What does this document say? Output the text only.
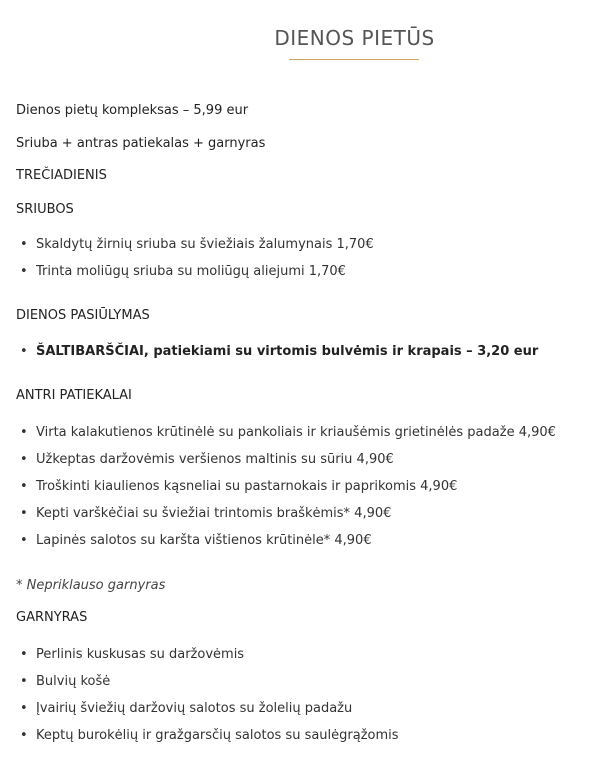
DIENOS PIETŪS
Dienos pietų kompleksas – 5,99 eur
Sriuba + antras patiekalas + garnyras
TREČIADIENIS
SRIUBOS
• Skaldytų žirnių sriuba su šviežiais žalumynais 1,70€
• Trinta moliūgų sriuba su moliūgų aliejumi 1,70€
DIENOS PASIŪLYMAS
• ŠALTIBARŠČIAI, patiekiami su virtomis bulvėmis ir krapais – 3,20 eur
ANTRI PATIEKALAI
• Virta kalakutienos krūtinėlė su pankoliais ir kriaušėmis grietinėlės padaže 4,90€
• Užkeptas daržovėmis veršienos maltinis su sūriu 4,90€
• Troškinti kiaulienos kąsneliai su pastarnokais ir paprikomis 4,90€
• Kepti varškėčiai su šviežiai trintomis braškėmis* 4,90€
• Lapinės salotos su karšta vištienos krūtinėle* 4,90€
* Nepriklauso garnyras
GARNYRAS
• Perlinis kuskusas su daržovėmis
• Bulvių košė
• Įvairių šviežių daržovių salotos su žolelių padažu
• Keptų burokėlių ir gražgarsčių salotos su saulėgrąžomis
